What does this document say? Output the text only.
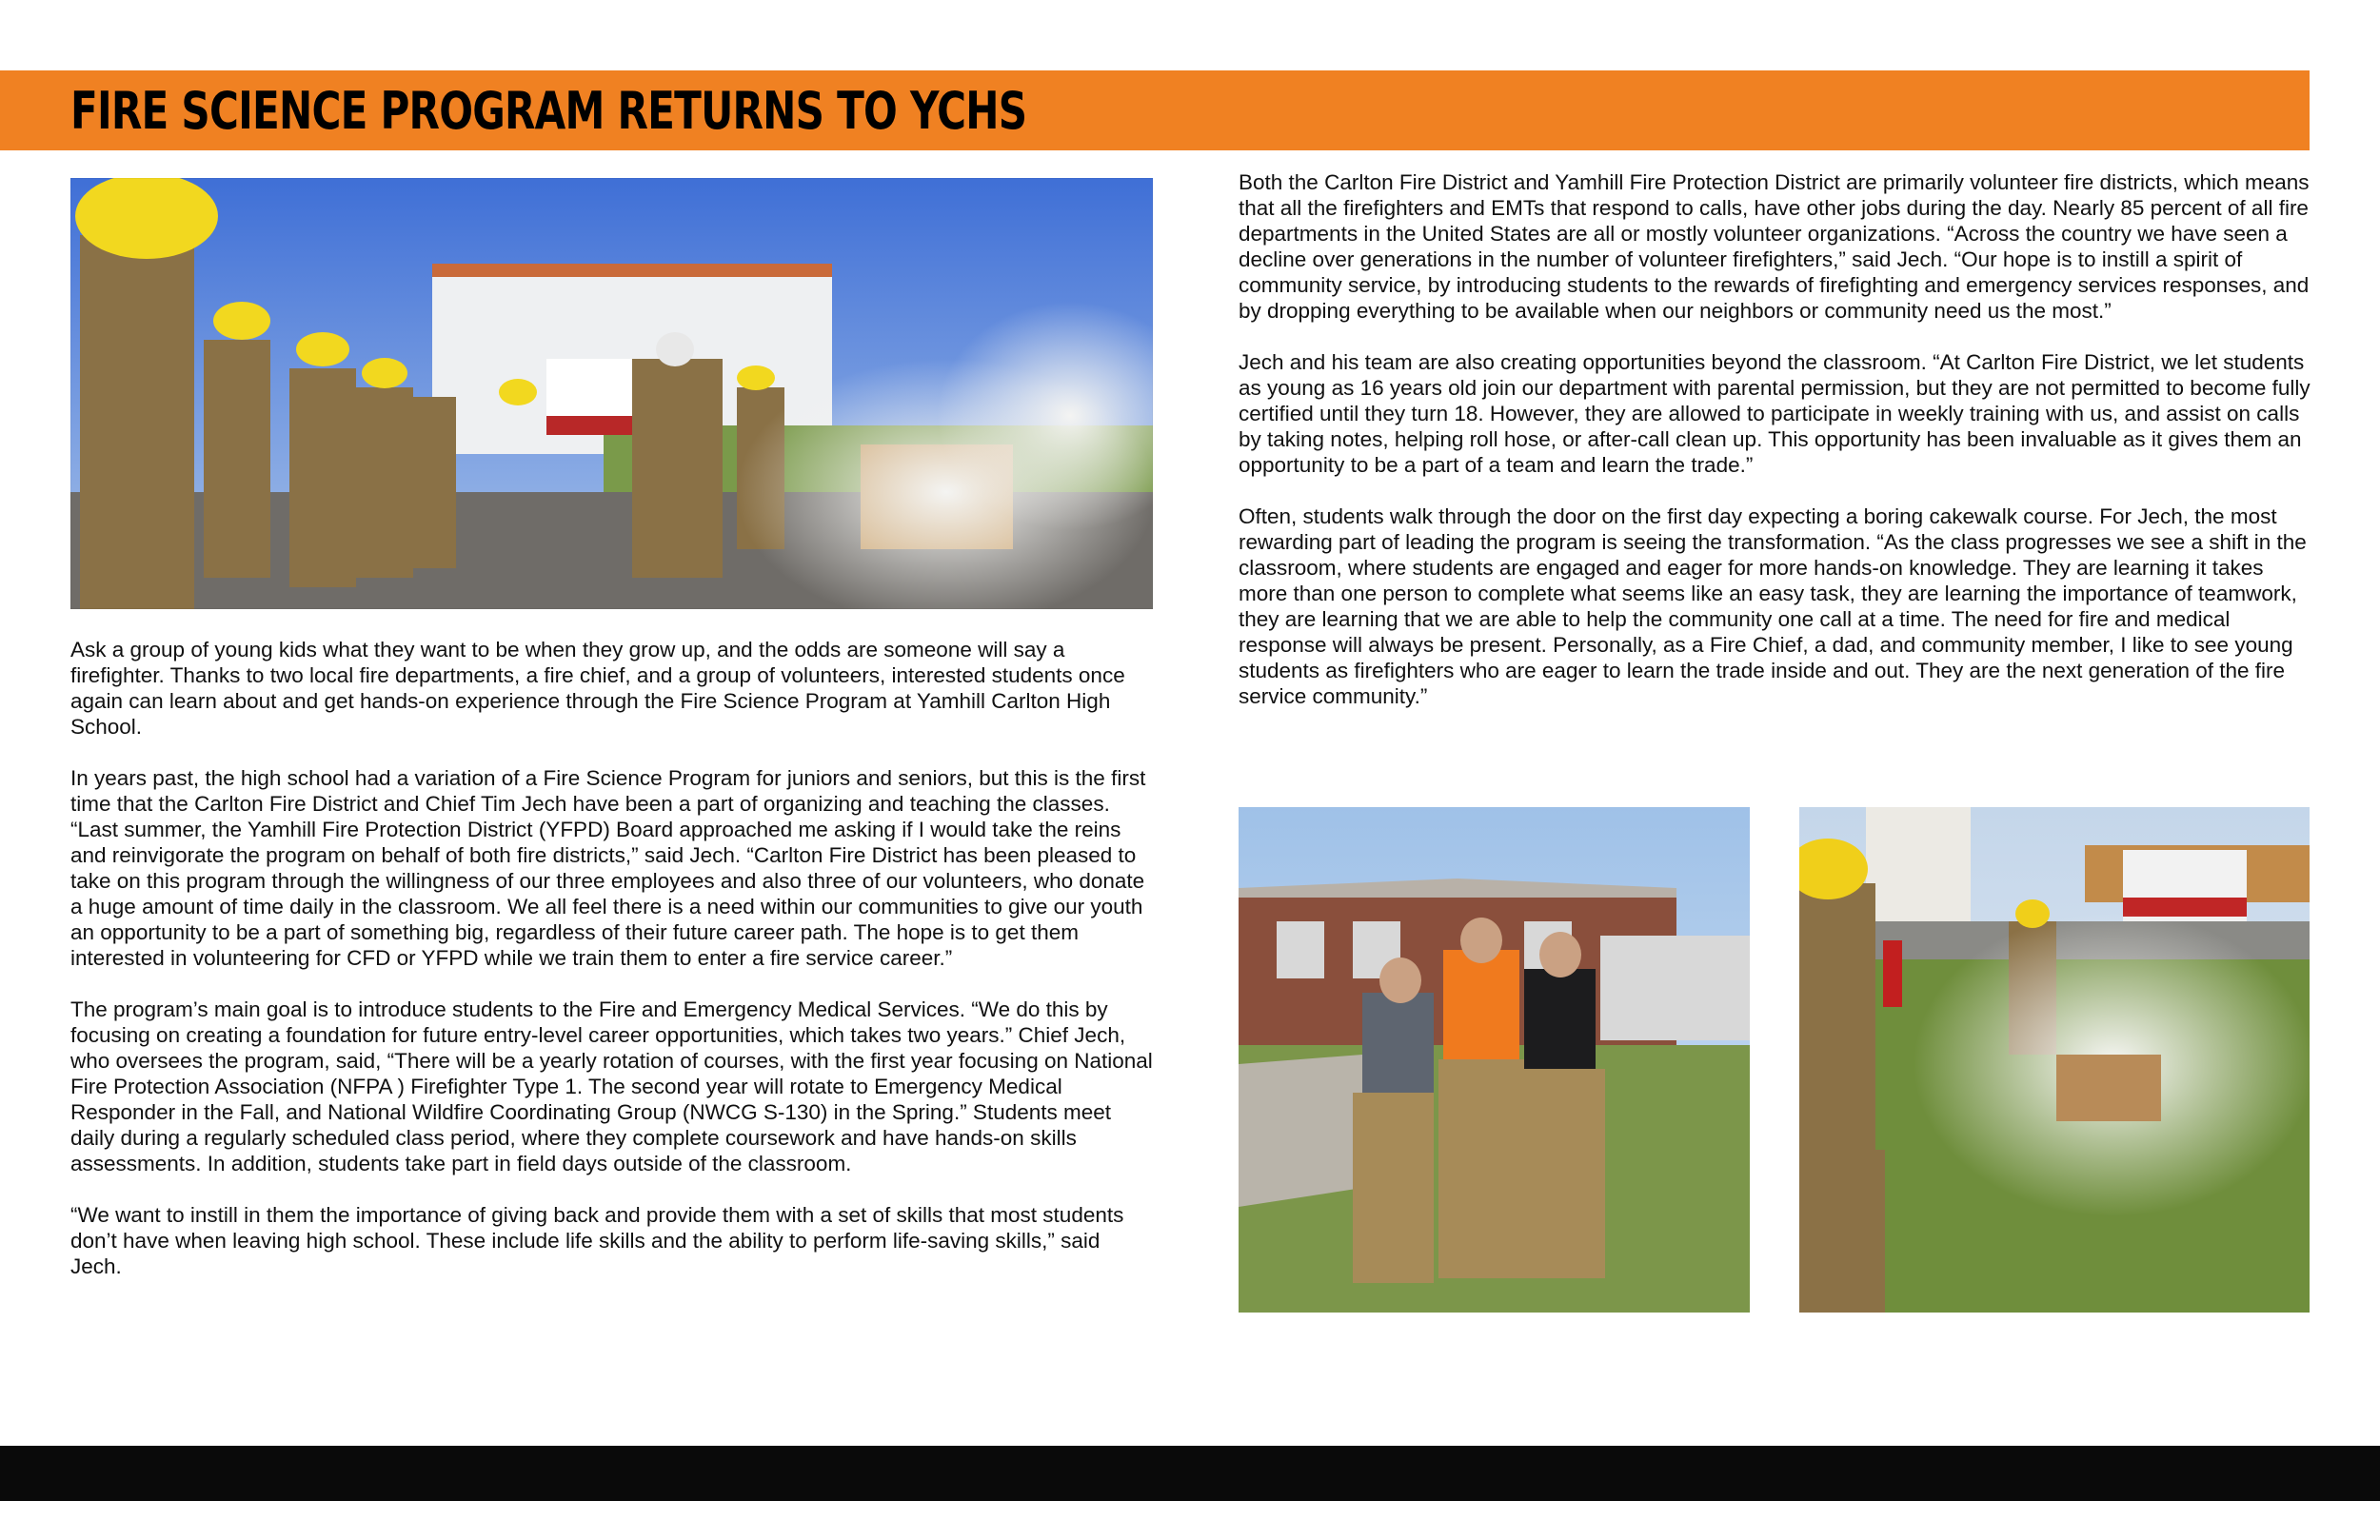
FIRE SCIENCE PROGRAM RETURNS TO YCHS

Ask a group of young kids what they want to be when they grow up, and the odds are someone will say a firefighter. Thanks to two local fire departments, a fire chief, and a group of volunteers, interested students once again can learn about and get hands-on experience through the Fire Science Program at Yamhill Carlton High School.

In years past, the high school had a variation of a Fire Science Program for juniors and seniors, but this is the first time that the Carlton Fire District and Chief Tim Jech have been a part of organizing and teaching the classes. “Last summer, the Yamhill Fire Protection District (YFPD) Board approached me asking if I would take the reins and reinvigorate the program on behalf of both fire districts,” said Jech. “Carlton Fire District has been pleased to take on this program through the willingness of our three employees and also three of our volunteers, who donate a huge amount of time daily in the classroom. We all feel there is a need within our communities to give our youth an opportunity to be a part of something big, regardless of their future career path. The hope is to get them interested in volunteering for CFD or YFPD while we train them to enter a fire service career.”

The program’s main goal is to introduce students to the Fire and Emergency Medical Services. “We do this by focusing on creating a foundation for future entry-level career opportunities, which takes two years.” Chief Jech, who oversees the program, said, “There will be a yearly rotation of courses, with the first year focusing on National Fire Protection Association (NFPA ) Firefighter Type 1. The second year will rotate to Emergency Medical Responder in the Fall, and National Wildfire Coordinating Group (NWCG S-130) in the Spring.” Students meet daily during a regularly scheduled class period, where they complete coursework and have hands-on skills assessments. In addition, students take part in field days outside of the classroom.

“We want to instill in them the importance of giving back and provide them with a set of skills that most students don’t have when leaving high school. These include life skills and the ability to perform life-saving skills,” said Jech.

Both the Carlton Fire District and Yamhill Fire Protection District are primarily volunteer fire districts, which means that all the firefighters and EMTs that respond to calls, have other jobs during the day. Nearly 85 percent of all fire departments in the United States are all or mostly volunteer organizations. “Across the country we have seen a decline over generations in the number of volunteer firefighters,” said Jech. “Our hope is to instill a spirit of community service, by introducing students to the rewards of firefighting and emergency services responses, and by dropping everything to be available when our neighbors or community need us the most.”

Jech and his team are also creating opportunities beyond the classroom. “At Carlton Fire District, we let students as young as 16 years old join our department with parental permission, but they are not permitted to become fully certified until they turn 18. However, they are allowed to participate in weekly training with us, and assist on calls by taking notes, helping roll hose, or after-call clean up. This opportunity has been invaluable as it gives them an opportunity to be a part of a team and learn the trade.”

Often, students walk through the door on the first day expecting a boring cakewalk course. For Jech, the most rewarding part of leading the program is seeing the transformation. “As the class progresses we see a shift in the classroom, where students are engaged and eager for more hands-on knowledge. They are learning it takes more than one person to complete what seems like an easy task, they are learning the importance of teamwork, they are learning that we are able to help the community one call at a time. The need for fire and medical response will always be present. Personally, as a Fire Chief, a dad, and community member, I like to see young students as firefighters who are eager to learn the trade inside and out. They are the next generation of the fire service community.”
